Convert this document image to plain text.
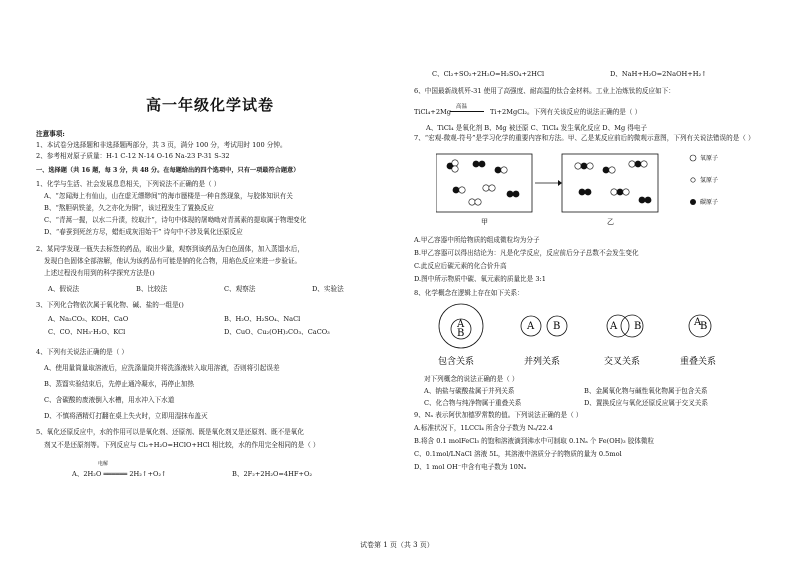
高一年级化学试卷
注意事项:
1、本试卷分选择题和非选择题两部分，共 3 页，满分 100 分，考试用时 100 分钟。
2、参考相对原子质量：H-1 C-12 N-14 O-16 Na-23 P-31 S-32
一、选择题（共 16 题，每 3 分，共 48 分。在每题给出的四个选项中，只有一项最符合题意）
1、化学与生活、社会发展息息相关，下列说法不正确的是（ ）
A、“忽闻海上有仙山，山在虚无缥缈间”的海市蜃楼是一种自然现象，与胶体知识有关
B、“熬胆矾铁釜，久之亦化为铜”，该过程发生了置换反应
C、“青蒿一握，以水二升渍，绞取汁”，诗句中体现的屠呦呦对青蒿素的提取属于物理变化
D、“春蚕到死丝方尽，蜡炬成灰泪始干” 诗句中不涉及氧化还原反应
2、某同学发现一瓶失去标签的药品，取出少量，观察到该药品为白色固体，加入蒸馏水后，
发现白色固体全部溶解，他认为该药品有可能是钠的化合物，用焰色反应来进一步验证。
上述过程没有用到的科学探究方法是()
A、假说法	B、比较法	C、观察法	D、实验法
3、下列化合物依次属于氧化物、碱、盐的一组是()
A、Na₂CO₃、KOH、CaO	B、H₂O、H₂SO₄、NaCl
C、CO、NH₃·H₂O、KCl	D、CuO、Cu₂(OH)₂CO₃、CaCO₃
4、下列有关说法正确的是（ ）
A、使用量筒量取溶液后，应洗涤量筒并将洗涤液转入取用溶液，否则将引起误差
B、蒸馏实验结束后，先停止通冷凝水，再停止加热
C、含碳酸的废液倒入水槽，用水冲入下水道
D、不慎将酒精灯打翻在桌上失火时，立即用湿抹布盖灭
5、氧化还原反应中，水的作用可以是氧化剂、还原剂、既是氧化剂又是还原剂、既不是氧化
剂又不是还原剂等。下列反应与 Cl₂+H₂O=HClO+HCl 相比较，水的作用完全相同的是（ ）
电解
A、2H₂O ══════ 2H₂↑+O₂↑	B、2F₂+2H₂O=4HF+O₂
C、Cl₂+SO₂+2H₂O=H₂SO₄+2HCl	D、NaH+H₂O=2NaOH+H₂↑
6、中国最新战机歼-31 使用了高强度、耐高温的钛合金材料。工业上冶炼钛的反应如下：
高温
TiCl₄+2Mg	Ti+2MgCl₂。下列有关该反应的说法正确的是（ ）
A、TiCl₄ 是氧化剂 B、Mg 被还原 C、TiCl₄ 发生氧化反应 D、Mg 得电子
7、“宏观-微观-符号”是学习化学的重要内容和方法。甲、乙是某反应前后的微观示意图，下列有关说法错误的是（ ）
甲	乙
氧原子
氢原子
碳原子
A.甲乙容器中所给物质的组成微粒均为分子
B.甲乙容器可以得出结论为：凡是化学反应，反应前后分子总数不会发生变化
C.此反应后碳元素的化合价升高
D.图中所示物质中碳、氧元素的质量比是 3:1
8、化学概念在逻辑上存在如下关系：
A
B
A B	A B	A
B
包含关系	并列关系	交叉关系	重叠关系
对下列概念的说法正确的是（ ）
A、钠盐与碳酸盐属于并列关系	B、金属氧化物与碱性氧化物属于包含关系
C、化合物与纯净物属于重叠关系	D、置换反应与氧化还原反应属于交叉关系
9、Nₐ 表示阿伏加德罗常数的值。下列说法正确的是（ ）
A.标准状况下，1LCCl₄ 所含分子数为 Nₐ/22.4
B.将含 0.1 molFeCl₃ 的饱和溶液滴到沸水中可制取 0.1Nₐ 个 Fe(OH)₃ 胶体微粒
C、0.1mol/LNaCl 溶液 5L，其溶液中溶质分子的物质的量为 0.5mol
D、1 mol OH⁻中含有电子数为 10Nₐ
试卷第 1 页（共 3 页）
